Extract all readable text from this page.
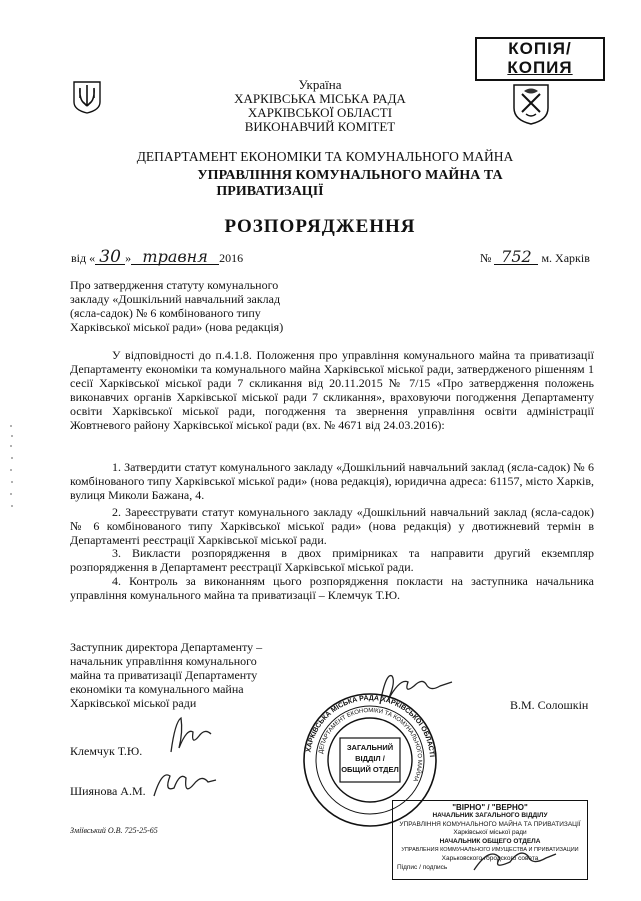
КОПІЯ/
КОПИЯ
Україна
ХАРКІВСЬКА МІСЬКА РАДА
ХАРКІВСЬКОЇ ОБЛАСТІ
ВИКОНАВЧИЙ КОМІТЕТ
ДЕПАРТАМЕНТ ЕКОНОМІКИ ТА КОМУНАЛЬНОГО МАЙНА
УПРАВЛІННЯ КОМУНАЛЬНОГО МАЙНА ТА
ПРИВАТИЗАЦІЇ
РОЗПОРЯДЖЕННЯ
від « 30 » травня 2016	№ 752 м. Харків
Про затвердження статуту комунального
закладу «Дошкільний навчальний заклад
(ясла-садок) № 6 комбінованого типу
Харківської міської ради» (нова редакція)
У відповідності до п.4.1.8. Положення про управління комунального майна та приватизації Департаменту економіки та комунального майна Харківської міської ради, затвердженого рішенням 1 сесії Харківської міської ради 7 скликання від 20.11.2015 № 7/15 «Про затвердження положень виконавчих органів Харківської міської ради 7 скликання», враховуючи погодження Департаменту освіти Харківської міської ради, погодження та звернення управління освіти адміністрації Жовтневого району Харківської міської ради (вх. № 4671 від 24.03.2016):
1. Затвердити статут комунального закладу «Дошкільний навчальний заклад (ясла-садок) № 6 комбінованого типу Харківської міської ради» (нова редакція), юридична адреса: 61157, місто Харків, вулиця Миколи Бажана, 4.
2. Зареєструвати статут комунального закладу «Дошкільний навчальний заклад (ясла-садок) № 6 комбінованого типу Харківської міської ради» (нова редакція) у двотижневий термін в Департаменті реєстрації Харківської міської ради.
3. Викласти розпорядження в двох примірниках та направити другий екземпляр розпорядження в Департамент реєстрації Харківської міської ради.
4. Контроль за виконанням цього розпорядження покласти на заступника начальника управління комунального майна та приватизації – Клемчук Т.Ю.
Заступник директора Департаменту –
начальник управління комунального
майна та приватизації Департаменту
економіки та комунального майна
Харківської міської ради	В.М. Солошкін
Клемчук Т.Ю.
Шиянова А.М.
Зміївський О.В. 725-25-65
ХАРКІВСЬКА МІСЬКА РАДА ХАРКІВСЬКОЇ ОБЛАСТІ
ДЕПАРТАМЕНТ ЕКОНОМІКИ ТА КОМУНАЛЬНОГО МАЙНА
ЗАГАЛЬНИЙ
ВІДДІЛ /
ОБЩИЙ ОТДЕЛ
"ВІРНО" / "ВЕРНО"
НАЧАЛЬНИК ЗАГАЛЬНОГО ВІДДІЛУ
УПРАВЛІННЯ КОМУНАЛЬНОГО МАЙНА ТА ПРИВАТИЗАЦІЇ
Харківської міської ради
НАЧАЛЬНИК ОБЩЕГО ОТДЕЛА
УПРАВЛЕНИЯ КОММУНАЛЬНОГО ИМУЩЕСТВА И ПРИВАТИЗАЦИИ
Харьковского городского совета
Підпис / подпись
